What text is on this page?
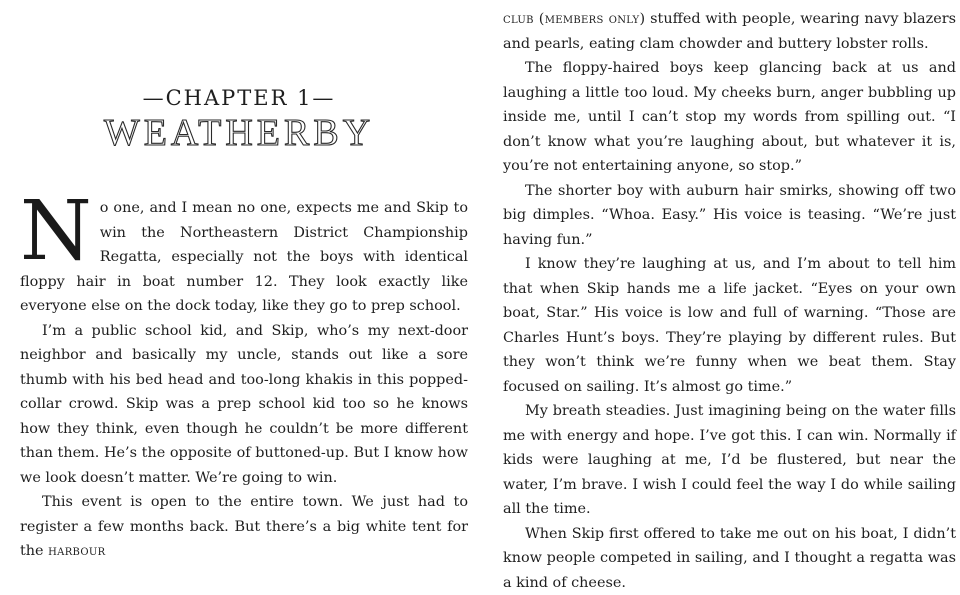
—CHAPTER 1—
WEATHERBY

No one, and I mean no one, expects me and Skip to win the Northeastern District Championship Regatta, especially not the boys with identical floppy hair in boat number 12. They look exactly like everyone else on the dock today, like they go to prep school.

I’m a public school kid, and Skip, who’s my next-door neighbor and basically my uncle, stands out like a sore thumb with his bed head and too-long khakis in this popped-collar crowd. Skip was a prep school kid too so he knows how they think, even though he couldn’t be more different than them. He’s the opposite of buttoned-up. But I know how we look doesn’t matter. We’re going to win.

This event is open to the entire town. We just had to register a few months back. But there’s a big white tent for the harbour

club (members only) stuffed with people, wearing navy blazers and pearls, eating clam chowder and buttery lobster rolls.

The floppy-haired boys keep glancing back at us and laughing a little too loud. My cheeks burn, anger bubbling up inside me, until I can’t stop my words from spilling out. “I don’t know what you’re laughing about, but whatever it is, you’re not entertaining anyone, so stop.”

The shorter boy with auburn hair smirks, showing off two big dimples. “Whoa. Easy.” His voice is teasing. “We’re just having fun.”

I know they’re laughing at us, and I’m about to tell him that when Skip hands me a life jacket. “Eyes on your own boat, Star.” His voice is low and full of warning. “Those are Charles Hunt’s boys. They’re playing by different rules. But they won’t think we’re funny when we beat them. Stay focused on sailing. It’s almost go time.”

My breath steadies. Just imagining being on the water fills me with energy and hope. I’ve got this. I can win. Normally if kids were laughing at me, I’d be flustered, but near the water, I’m brave. I wish I could feel the way I do while sailing all the time.

When Skip first offered to take me out on his boat, I didn’t know people competed in sailing, and I thought a regatta was a kind of cheese.
